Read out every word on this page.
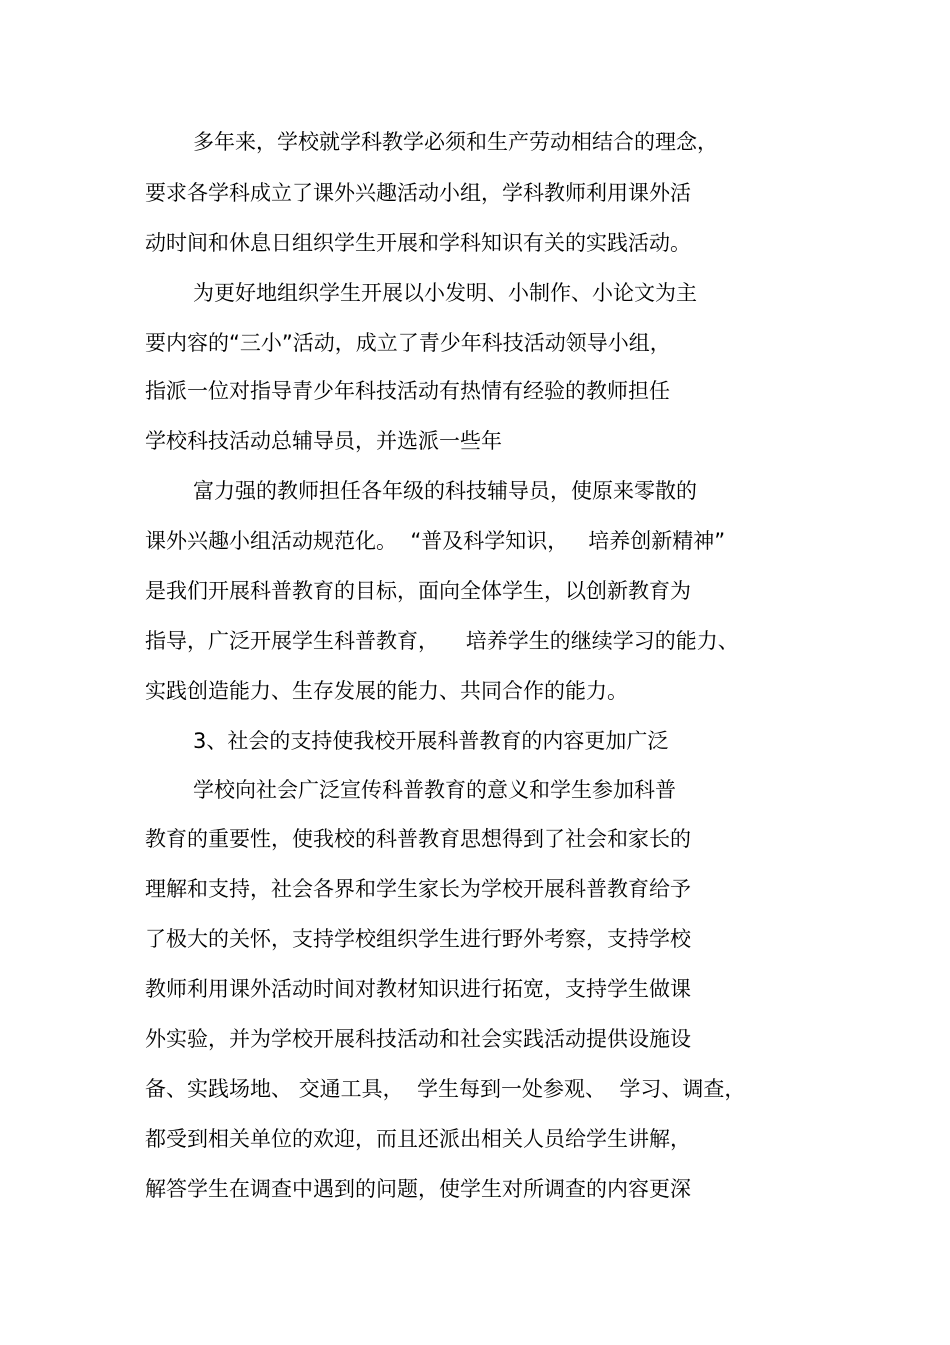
多年来，学校就学科教学必须和生产劳动相结合的理念，
要求各学科成立了课外兴趣活动小组，学科教师利用课外活
动时间和休息日组织学生开展和学科知识有关的实践活动。
为更好地组织学生开展以小发明、小制作、小论文为主
要内容的“三小”活动，成立了青少年科技活动领导小组，
指派一位对指导青少年科技活动有热情有经验的教师担任
学校科技活动总辅导员，并选派一些年
富力强的教师担任各年级的科技辅导员，使原来零散的
课外兴趣小组活动规范化。  “普及科学知识，   培养创新精神”
是我们开展科普教育的目标，面向全体学生，以创新教育为
指导，广泛开展学生科普教育，    培养学生的继续学习的能力、
实践创造能力、生存发展的能力、共同合作的能力。
3、社会的支持使我校开展科普教育的内容更加广泛
学校向社会广泛宣传科普教育的意义和学生参加科普
教育的重要性，使我校的科普教育思想得到了社会和家长的
理解和支持，社会各界和学生家长为学校开展科普教育给予
了极大的关怀，支持学校组织学生进行野外考察，支持学校
教师利用课外活动时间对教材知识进行拓宽，支持学生做课
外实验，并为学校开展科技活动和社会实践活动提供设施设
备、实践场地、 交通工具，  学生每到一处参观、  学习、调查，
都受到相关单位的欢迎，而且还派出相关人员给学生讲解，
解答学生在调查中遇到的问题，使学生对所调查的内容更深
